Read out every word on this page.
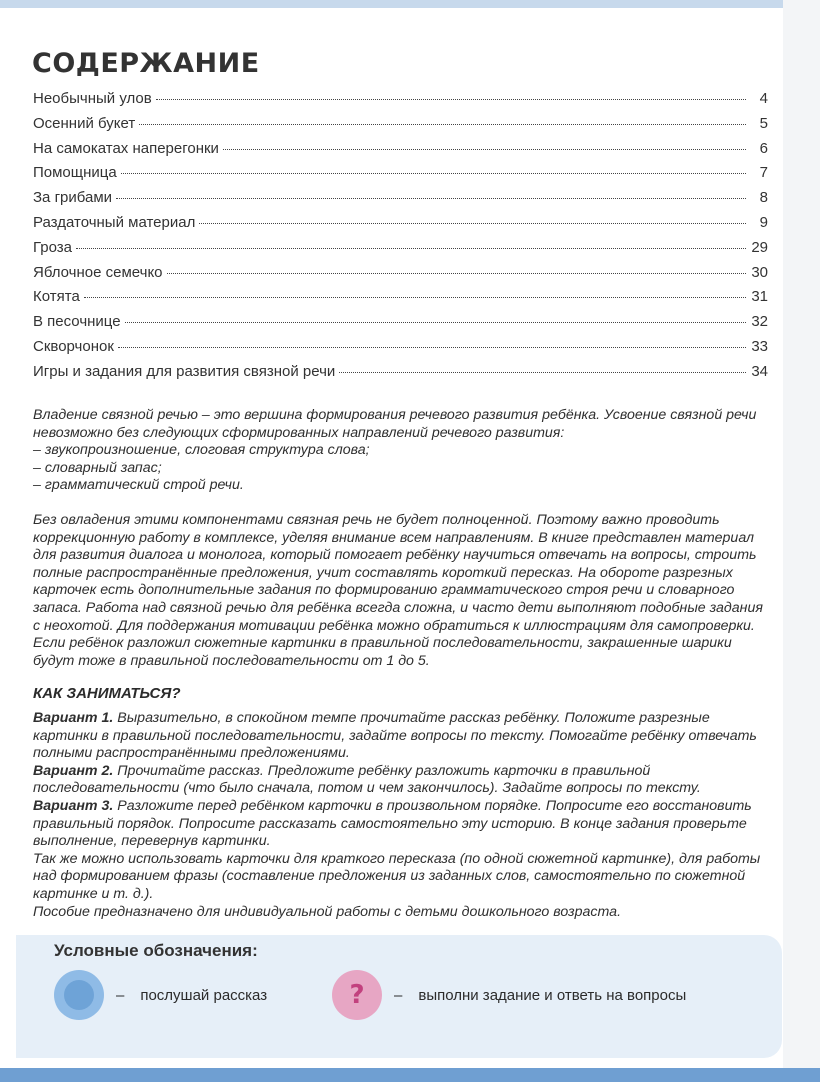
СОДЕРЖАНИЕ
Необычный улов	4
Осенний букет	5
На самокатах наперегонки	6
Помощница	7
За грибами	8
Раздаточный материал	9
Гроза	29
Яблочное семечко	30
Котята	31
В песочнице	32
Скворчонок	33
Игры и задания для развития связной речи	34

Владение связной речью – это вершина формирования речевого развития ребёнка. Усвоение связной речи невозможно без следующих сформированных направлений речевого развития:

– звукопроизношение, слоговая структура слова;

– словарный запас;

– грамматический строй речи.

Без овладения этими компонентами связная речь не будет полноценной. Поэтому важно проводить коррекционную работу в комплексе, уделяя внимание всем направлениям. В книге представлен материал для развития диалога и монолога, который помогает ребёнку научиться отвечать на вопросы, строить полные распространённые предложения, учит составлять короткий пересказ. На обороте разрезных карточек есть дополнительные задания по формированию грамматического строя речи и словарного запаса. Работа над связной речью для ребёнка всегда сложна, и часто дети выполняют подобные задания с неохотой. Для поддержания мотивации ребёнка можно обратиться к иллюстрациям для самопроверки. Если ребёнок разложил сюжетные картинки в правильной последовательности, закрашенные шарики будут тоже в правильной последовательности от 1 до 5.

КАК ЗАНИМАТЬСЯ?

Вариант 1. Выразительно, в спокойном темпе прочитайте рассказ ребёнку. Положите разрезные картинки в правильной последовательности, задайте вопросы по тексту. Помогайте ребёнку отвечать полными распространёнными предложениями.

Вариант 2. Прочитайте рассказ. Предложите ребёнку разложить карточки в правильной последовательности (что было сначала, потом и чем закончилось). Задайте вопросы по тексту.

Вариант 3. Разложите перед ребёнком карточки в произвольном порядке. Попросите его восстановить правильный порядок. Попросите рассказать самостоятельно эту историю. В конце задания проверьте выполнение, перевернув картинки.

Так же можно использовать карточки для краткого пересказа (по одной сюжетной картинке), для работы над формированием фразы (составление предложения из заданных слов, самостоятельно по сюжетной картинке и т. д.).

Пособие предназначено для индивидуальной работы с детьми дошкольного возраста.

Условные обозначения:
– послушай рассказ	?	– выполни задание и ответь на вопросы
